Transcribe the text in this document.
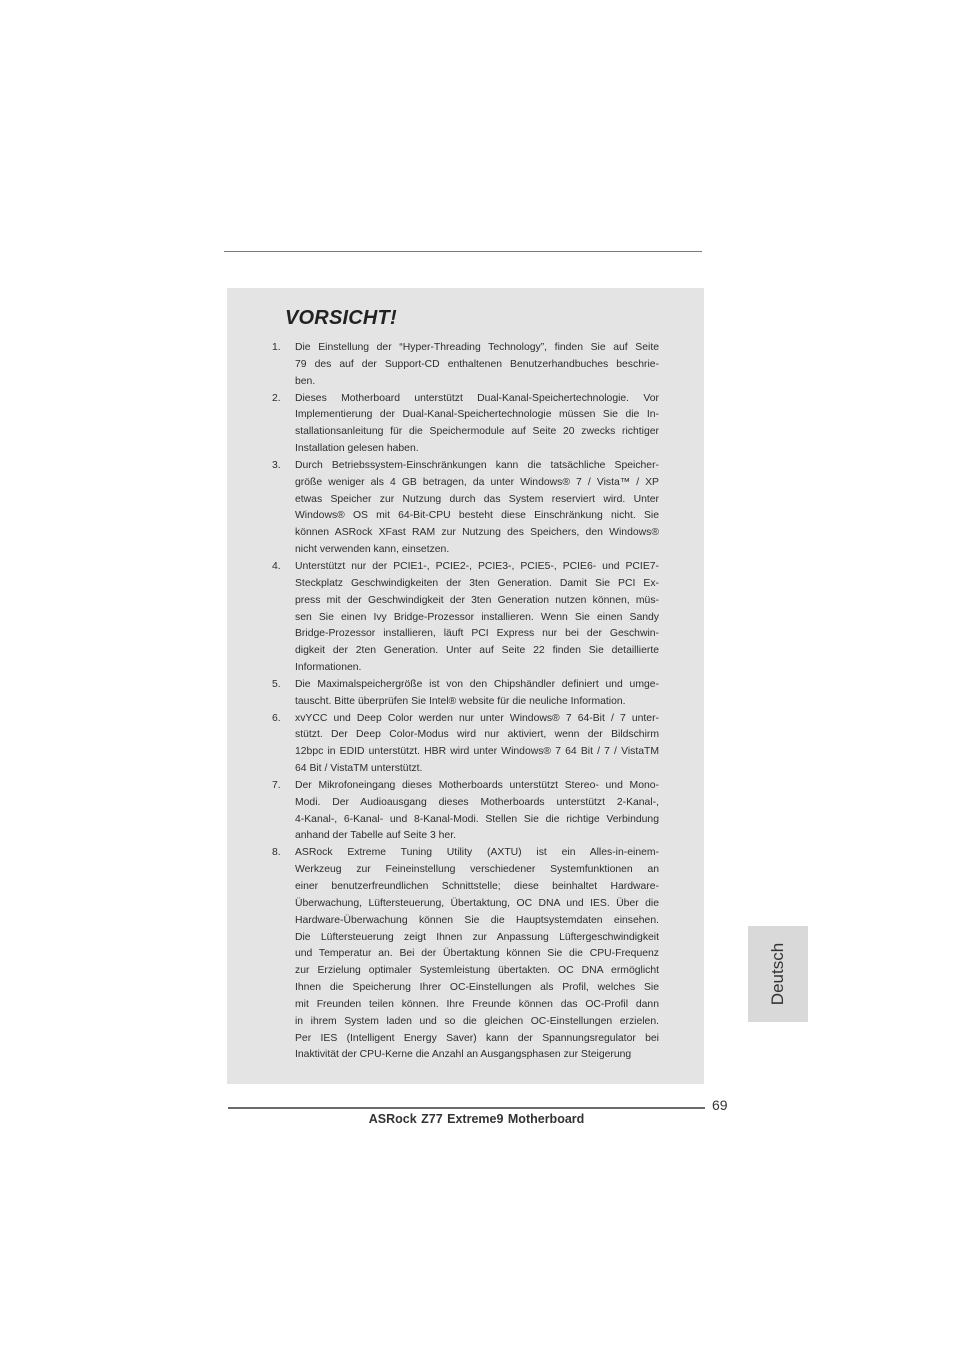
VORSICHT!
1. Die Einstellung der “Hyper-Threading Technology”, finden Sie auf Seite
79 des auf der Support-CD enthaltenen Benutzerhandbuches beschrie-
ben.
2. Dieses Motherboard unterstützt Dual-Kanal-Speichertechnologie. Vor
Implementierung der Dual-Kanal-Speichertechnologie müssen Sie die In-
stallationsanleitung für die Speichermodule auf Seite 20 zwecks richtiger
Installation gelesen haben.
3. Durch Betriebssystem-Einschränkungen kann die tatsächliche Speicher-
größe weniger als 4 GB betragen, da unter Windows® 7 / Vista™ / XP
etwas Speicher zur Nutzung durch das System reserviert wird. Unter
Windows® OS mit 64-Bit-CPU besteht diese Einschränkung nicht. Sie
können ASRock XFast RAM zur Nutzung des Speichers, den Windows®
nicht verwenden kann, einsetzen.
4. Unterstützt nur der PCIE1-, PCIE2-, PCIE3-, PCIE5-, PCIE6- und PCIE7-
Steckplatz Geschwindigkeiten der 3ten Generation. Damit Sie PCI Ex-
press mit der Geschwindigkeit der 3ten Generation nutzen können, müs-
sen Sie einen Ivy Bridge-Prozessor installieren. Wenn Sie einen Sandy
Bridge-Prozessor installieren, läuft PCI Express nur bei der Geschwin-
digkeit der 2ten Generation. Unter auf Seite 22 finden Sie detaillierte
Informationen.
5. Die Maximalspeichergröße ist von den Chipshändler definiert und umge-
tauscht. Bitte überprüfen Sie Intel® website für die neuliche Information.
6. xvYCC und Deep Color werden nur unter Windows® 7 64-Bit / 7 unter-
stützt. Der Deep Color-Modus wird nur aktiviert, wenn der Bildschirm
12bpc in EDID unterstützt. HBR wird unter Windows® 7 64 Bit / 7 / VistaTM
64 Bit / VistaTM unterstützt.
7. Der Mikrofoneingang dieses Motherboards unterstützt Stereo- und Mono-
Modi. Der Audioausgang dieses Motherboards unterstützt 2-Kanal-,
4-Kanal-, 6-Kanal- und 8-Kanal-Modi. Stellen Sie die richtige Verbindung
anhand der Tabelle auf Seite 3 her.
8. ASRock Extreme Tuning Utility (AXTU) ist ein Alles-in-einem-
Werkzeug zur Feineinstellung verschiedener Systemfunktionen an
einer benutzerfreundlichen Schnittstelle; diese beinhaltet Hardware-
Überwachung, Lüftersteuerung, Übertaktung, OC DNA und IES. Über die
Hardware-Überwachung können Sie die Hauptsystemdaten einsehen.
Die Lüftersteuerung zeigt Ihnen zur Anpassung Lüftergeschwindigkeit
und Temperatur an. Bei der Übertaktung können Sie die CPU-Frequenz
zur Erzielung optimaler Systemleistung übertakten. OC DNA ermöglicht
Ihnen die Speicherung Ihrer OC-Einstellungen als Profil, welches Sie
mit Freunden teilen können. Ihre Freunde können das OC-Profil dann
in ihrem System laden und so die gleichen OC-Einstellungen erzielen.
Per IES (Intelligent Energy Saver) kann der Spannungsregulator bei
Inaktivität der CPU-Kerne die Anzahl an Ausgangsphasen zur Steigerung
Deutsch
69
ASRock Z77 Extreme9 Motherboard
